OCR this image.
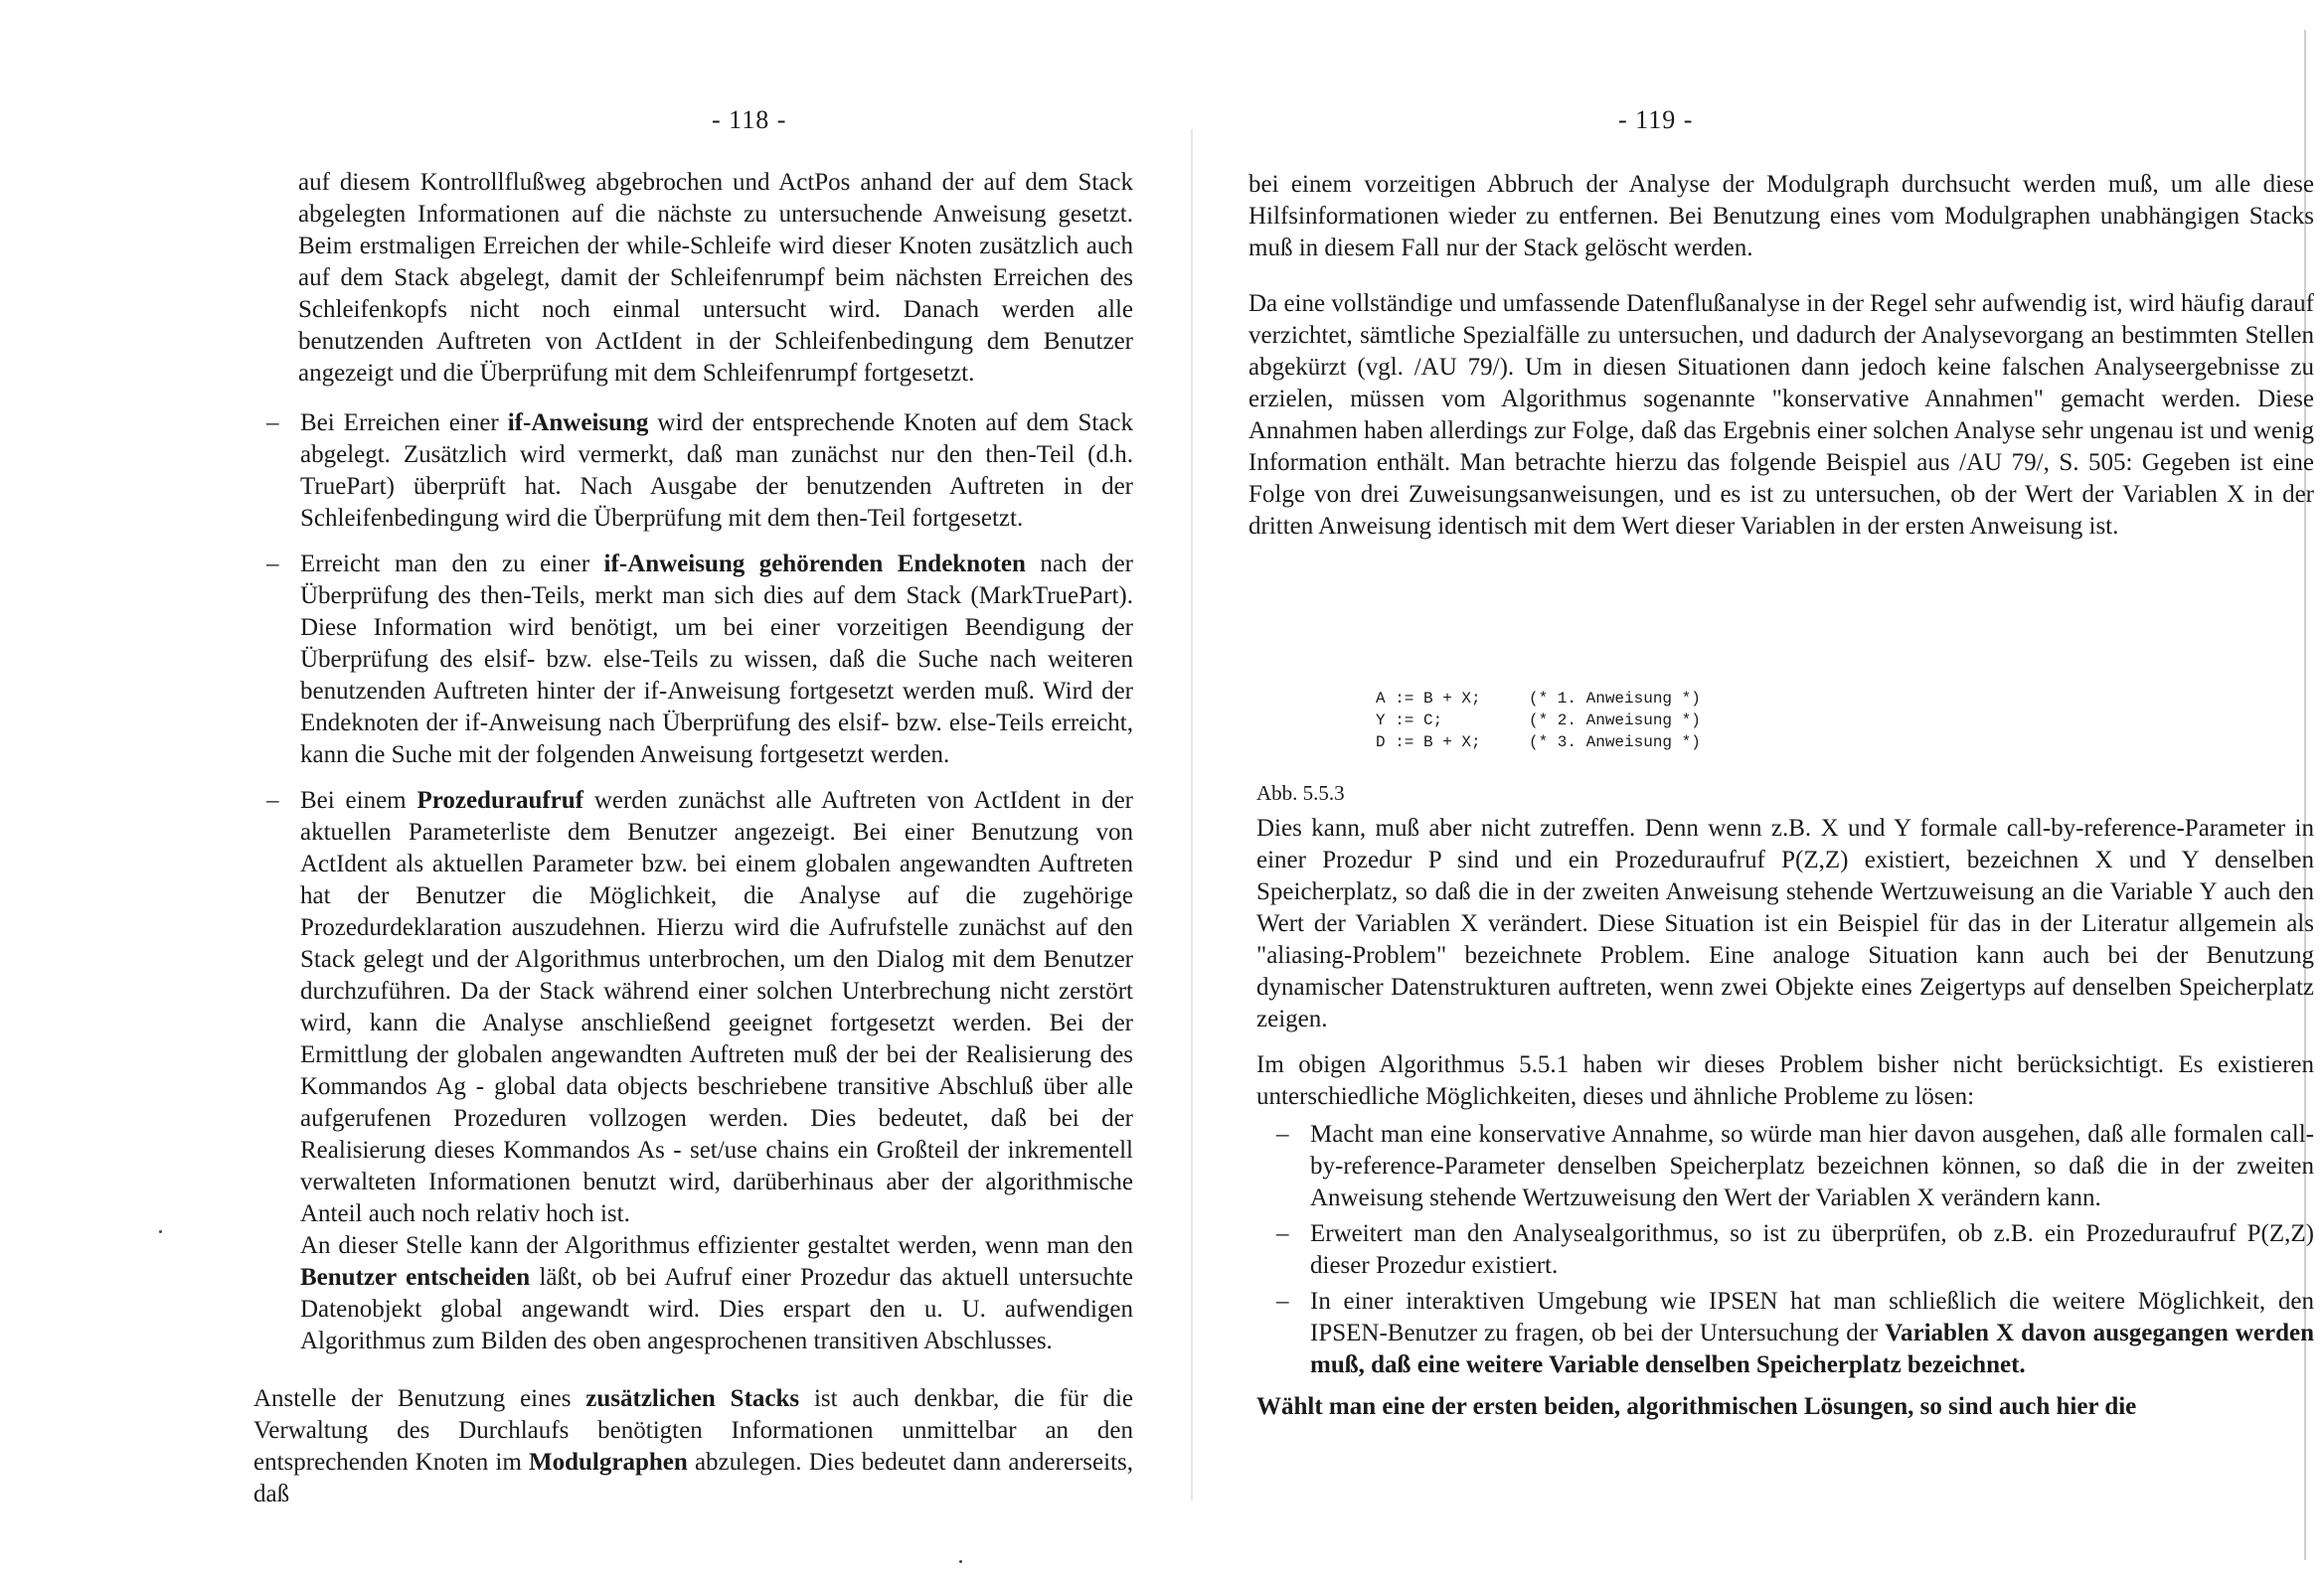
- 118 -

auf diesem Kontrollflußweg abgebrochen und ActPos anhand der auf dem Stack abgelegten Informationen auf die nächste zu untersuchende Anweisung gesetzt. Beim erstmaligen Erreichen der while-Schleife wird dieser Knoten zusätzlich auch auf dem Stack abgelegt, damit der Schleifenrumpf beim nächsten Erreichen des Schleifenkopfs nicht noch einmal untersucht wird. Danach werden alle benutzenden Auftreten von ActIdent in der Schleifenbedingung dem Benutzer angezeigt und die Überprüfung mit dem Schleifenrumpf fortgesetzt.

– Bei Erreichen einer if-Anweisung wird der entsprechende Knoten auf dem Stack abgelegt. Zusätzlich wird vermerkt, daß man zunächst nur den then-Teil (d.h. TruePart) überprüft hat. Nach Ausgabe der benutzenden Auftreten in der Schleifenbedingung wird die Überprüfung mit dem then-Teil fortgesetzt.
– Erreicht man den zu einer if-Anweisung gehörenden Endeknoten nach der Überprüfung des then-Teils, merkt man sich dies auf dem Stack (MarkTruePart). Diese Information wird benötigt, um bei einer vorzeitigen Beendigung der Überprüfung des elsif- bzw. else-Teils zu wissen, daß die Suche nach weiteren benutzenden Auftreten hinter der if-Anweisung fortgesetzt werden muß. Wird der Endeknoten der if-Anweisung nach Überprüfung des elsif- bzw. else-Teils erreicht, kann die Suche mit der folgenden Anweisung fortgesetzt werden.
– Bei einem Prozeduraufruf werden zunächst alle Auftreten von ActIdent in der aktuellen Parameterliste dem Benutzer angezeigt. Bei einer Benutzung von ActIdent als aktuellen Parameter bzw. bei einem globalen angewandten Auftreten hat der Benutzer die Möglichkeit, die Analyse auf die zugehörige Prozedurdeklaration auszudehnen. Hierzu wird die Aufrufstelle zunächst auf den Stack gelegt und der Algorithmus unterbrochen, um den Dialog mit dem Benutzer durchzuführen. Da der Stack während einer solchen Unterbrechung nicht zerstört wird, kann die Analyse anschließend geeignet fortgesetzt werden. Bei der Ermittlung der globalen angewandten Auftreten muß der bei der Realisierung des Kommandos Ag - global data objects beschriebene transitive Abschluß über alle aufgerufenen Prozeduren vollzogen werden. Dies bedeutet, daß bei der Realisierung dieses Kommandos As - set/use chains ein Großteil der inkrementell verwalteten Informationen benutzt wird, darüberhinaus aber der algorithmische Anteil auch noch relativ hoch ist.
An dieser Stelle kann der Algorithmus effizienter gestaltet werden, wenn man den Benutzer entscheiden läßt, ob bei Aufruf einer Prozedur das aktuell untersuchte Datenobjekt global angewandt wird. Dies erspart den u. U. aufwendigen Algorithmus zum Bilden des oben angesprochenen transitiven Abschlusses.
Anstelle der Benutzung eines zusätzlichen Stacks ist auch denkbar, die für die Verwaltung des Durchlaufs benötigten Informationen unmittelbar an den entsprechenden Knoten im Modulgraphen abzulegen. Dies bedeutet dann andererseits, daß
- 119 -

bei einem vorzeitigen Abbruch der Analyse der Modulgraph durchsucht werden muß, um alle diese Hilfsinformationen wieder zu entfernen. Bei Benutzung eines vom Modulgraphen unabhängigen Stacks muß in diesem Fall nur der Stack gelöscht werden.

Da eine vollständige und umfassende Datenflußanalyse in der Regel sehr aufwendig ist, wird häufig darauf verzichtet, sämtliche Spezialfälle zu untersuchen, und dadurch der Analysevorgang an bestimmten Stellen abgekürzt (vgl. /AU 79/). Um in diesen Situationen dann jedoch keine falschen Analyseergebnisse zu erzielen, müssen vom Algorithmus sogenannte "konservative Annahmen" gemacht werden. Diese Annahmen haben allerdings zur Folge, daß das Ergebnis einer solchen Analyse sehr ungenau ist und wenig Information enthält. Man betrachte hierzu das folgende Beispiel aus /AU 79/, S. 505: Gegeben ist eine Folge von drei Zuweisungsanweisungen, und es ist zu untersuchen, ob der Wert der Variablen X in der dritten Anweisung identisch mit dem Wert dieser Variablen in der ersten Anweisung ist.

A := B + X;	(* 1. Anweisung *)
Y := C;	(* 2. Anweisung *)
D := B + X;	(* 3. Anweisung *)
Abb. 5.5.3

Dies kann, muß aber nicht zutreffen. Denn wenn z.B. X und Y formale call-by-reference-Parameter in einer Prozedur P sind und ein Prozeduraufruf P(Z,Z) existiert, bezeichnen X und Y denselben Speicherplatz, so daß die in der zweiten Anweisung stehende Wertzuweisung an die Variable Y auch den Wert der Variablen X verändert. Diese Situation ist ein Beispiel für das in der Literatur allgemein als "aliasing-Problem" bezeichnete Problem. Eine analoge Situation kann auch bei der Benutzung dynamischer Datenstrukturen auftreten, wenn zwei Objekte eines Zeigertyps auf denselben Speicherplatz zeigen.

Im obigen Algorithmus 5.5.1 haben wir dieses Problem bisher nicht berücksichtigt. Es existieren unterschiedliche Möglichkeiten, dieses und ähnliche Probleme zu lösen:

– Macht man eine konservative Annahme, so würde man hier davon ausgehen, daß alle formalen call-by-reference-Parameter denselben Speicherplatz bezeichnen können, so daß die in der zweiten Anweisung stehende Wertzuweisung den Wert der Variablen X verändern kann.
– Erweitert man den Analysealgorithmus, so ist zu überprüfen, ob z.B. ein Prozeduraufruf P(Z,Z) dieser Prozedur existiert.
– In einer interaktiven Umgebung wie IPSEN hat man schließlich die weitere Möglichkeit, den IPSEN-Benutzer zu fragen, ob bei der Untersuchung der Variablen X davon ausgegangen werden muß, daß eine weitere Variable denselben Speicherplatz bezeichnet.

Wählt man eine der ersten beiden, algorithmischen Lösungen, so sind auch hier die
